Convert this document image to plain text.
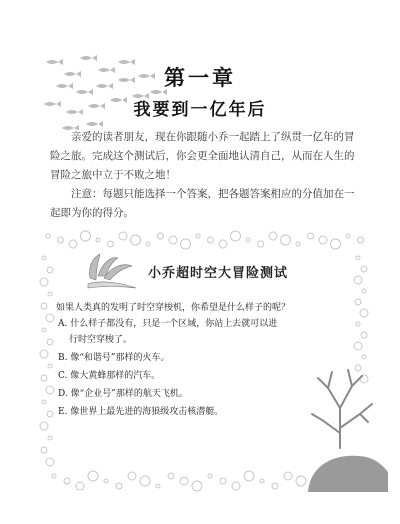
第一章
我要到一亿年后

亲爱的读者朋友，现在你跟随小乔一起踏上了纵贯一亿年的冒险之旅。完成这个测试后，你会更全面地认清自己，从而在人生的冒险之旅中立于不败之地！

注意：每题只能选择一个答案，把各题答案相应的分值加在一起即为你的得分。

小乔超时空大冒险测试

如果人类真的发明了时空穿梭机，你希望是什么样子的呢？

A. 什么样子都没有，只是一个区域，你站上去就可以进
行时空穿梭了。
B. 像“和谐号”那样的火车。
C. 像大黄蜂那样的汽车。
D. 像“企业号”那样的航天飞机。
E. 像世界上最先进的海狼级攻击核潜艇。
